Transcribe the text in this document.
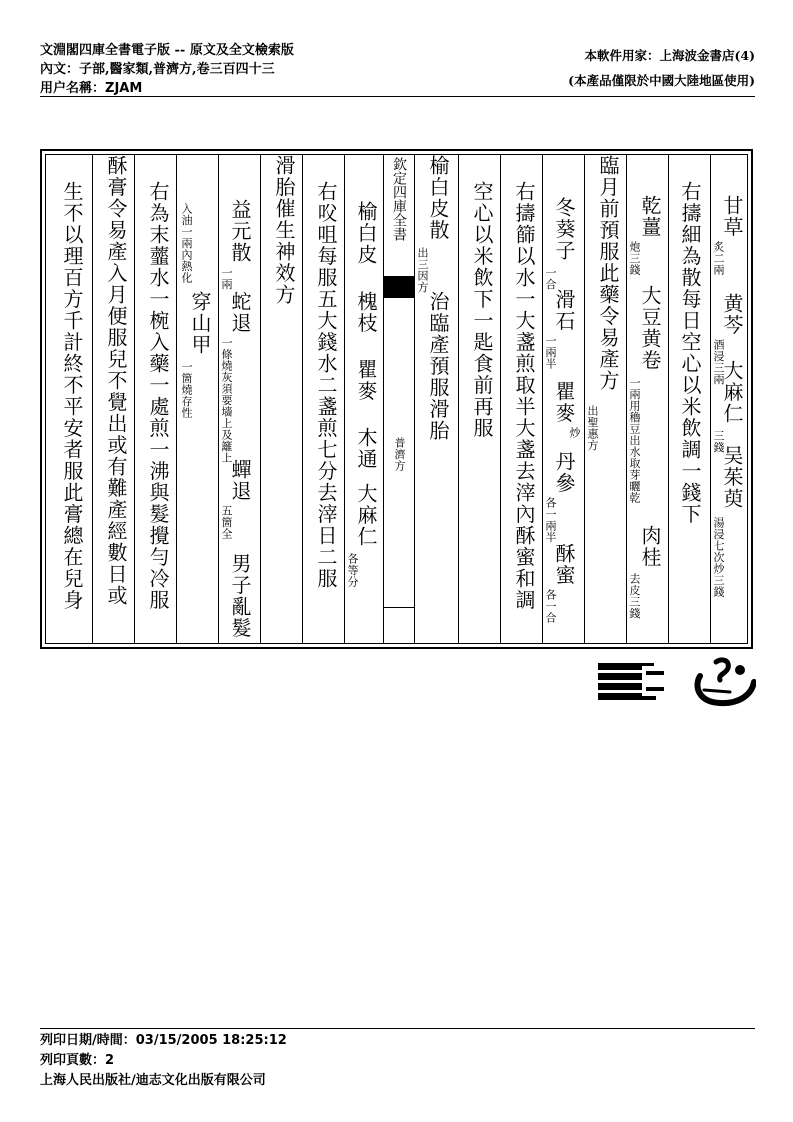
文淵閣四庫全書電子版 -- 原文及全文檢索版
內文：子部,醫家類,普濟方,卷三百四十三
用户名稱：ZJAM
本軟件用家：上海波金書店(4)
(本產品僅限於中國大陸地區使用)
甘草
炙二兩
黄芩
酒浸三兩
大麻仁
三錢
吴茱萸
湯浸七次炒三錢
右擣細為散每日空心以米飲調一錢下
乾薑
炮三錢
大豆黄卷
一兩用穭豆出水取芽曬乾
肉桂
去皮三錢
臨月前預服此藥令易產方
出聖惠方
冬葵子
一合
滑石
一兩半
瞿麥
炒
丹參
各一兩半
酥蜜
各一合
右擣篩以水一大盞煎取半大盞去滓內酥蜜和調
空心以米飲下一匙食前再服
榆白皮散
出三因方
治臨產預服滑胎
欽定四庫全書
普濟方
榆白皮
槐枝
瞿麥
木通
大麻仁
各等分
右㕮咀每服五大錢水二盞煎七分去滓日二服
滑胎催生神效方
益元散
一兩
蛇退
一條燒灰須要墻上及籬上
蟬退
五箇全
男子亂髮
入油一兩內熱化
穿山甲
一箇燒存性
右為末虀水一椀入藥一處煎一沸與髮攪勻冷服
酥膏令易產入月便服兒不覺出或有難產經數日或
生不以理百方千計終不平安者服此膏總在兒身
列印日期/時間：03/15/2005 18:25:12
列印頁數：2
上海人民出版社/迪志文化出版有限公司
